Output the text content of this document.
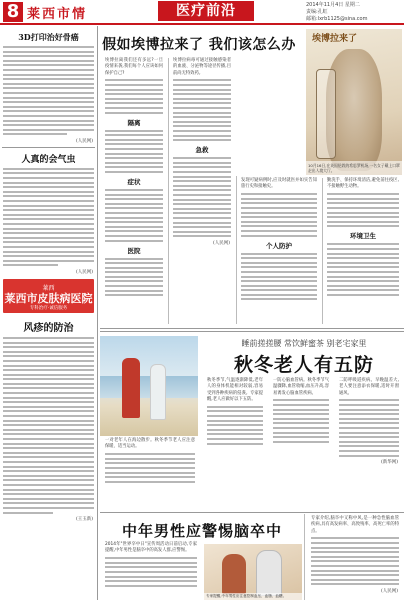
8 莱西市情	医疗前沿	2014年11月4日 星期二
责编:孔虹
邮箱:lxrb1125@sina.com
3D打印治好骨癌
(人民网)
人真的会气虫
(人民网)
莱西
莱西市皮肤病医院
专科治疗·诚信服务
风疹的防治
(王玉新)
假如埃博拉来了 我们该怎么办 埃博拉来了
10月16日,在英国伦敦的希思罗机场,一名女子戴上口罩走出人境大厅。
埃博拉离我们还有多远?一旦疫情来袭,我们每个人应该如何保护自己?
隔离
症状
医院
埃博拉病毒可通过接触感染者的血液、分泌物等途径传播,目前尚无特效药。
急救
(人民网)
发现可疑病例时,应及时就医并如实告知旅行史和接触史。
个人防护
勤洗手、保持环境清洁,避免前往疫区,不接触野生动物。
环境卫生
一对老年人在海边散步。秋冬季节老人应注意保暖、适当运动。
睡前搓搓腰 常饮鲜蜜茶 别老宅家里
秋冬老人有五防
秋冬季节,气温逐渐降低,老年人的身体机能相对较弱,容易受到各种疾病的侵袭。专家提醒,老人应做好以下五防。
一防心脑血管病。秋冬季节气温骤降,血管收缩,血压升高,容易诱发心脑血管疾病。
二防呼吸道疾病。早晚温差大,老人要注意添衣保暖,适时开窗通风。
(新华网)
中年男性应警惕脑卒中
2014年"世界卒中日"宣传周活动日前启动,专家提醒,中年男性是脑卒中的高发人群,应警惕。
专家提醒,中年男性应注意控制血压、血脂、血糖。
专家介绍,脑卒中又称中风,是一种急性脑血管疾病,具有高发病率、高致残率、高死亡率的特点。
(人民网)
